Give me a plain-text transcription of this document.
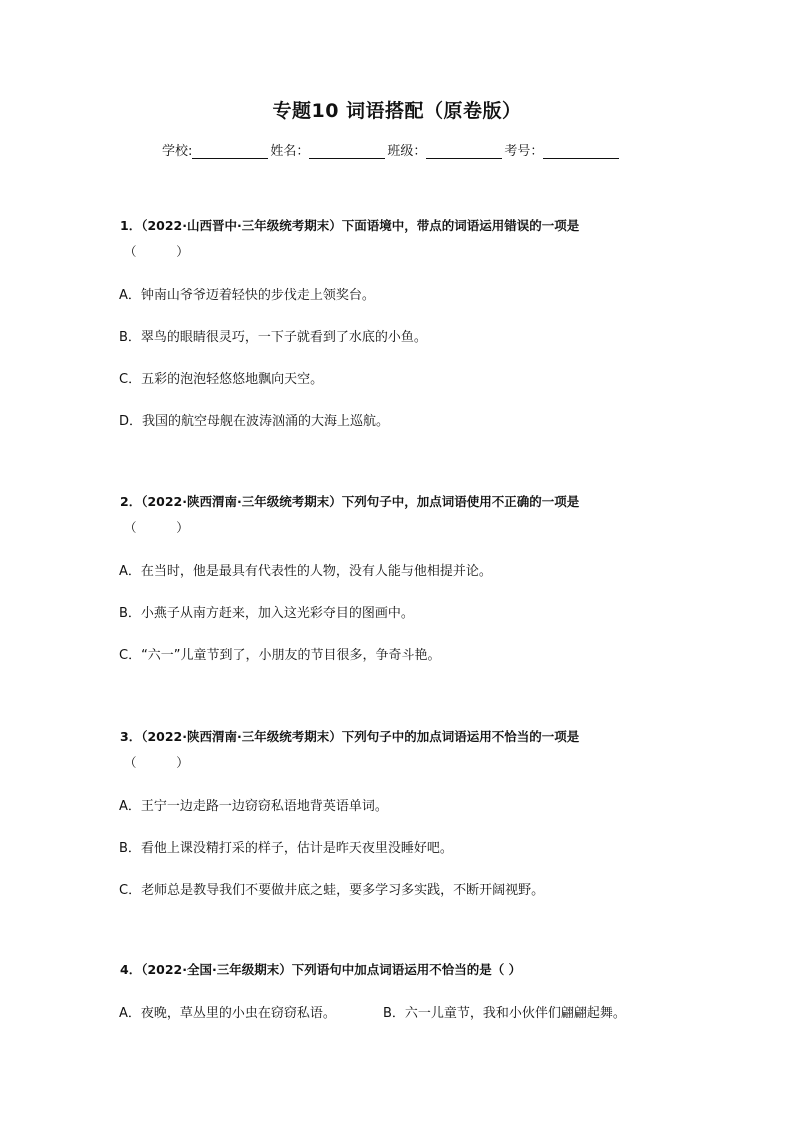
专题10 词语搭配（原卷版）
学校:	姓名：	班级：	考号：
1．（2022·山西晋中·三年级统考期末）下面语境中，带点的词语运用错误的一项是
（          ）
A．钟南山爷爷迈着轻快的步伐走上领奖台。
B．翠鸟的眼睛很灵巧，一下子就看到了水底的小鱼。
C．五彩的泡泡轻悠悠地飘向天空。
D．我国的航空母舰在波涛汹涌的大海上巡航。
2．（2022·陕西渭南·三年级统考期末）下列句子中，加点词语使用不正确的一项是
（          ）
A．在当时，他是最具有代表性的人物，没有人能与他相提并论。
B．小燕子从南方赶来，加入这光彩夺目的图画中。
C．“六一”儿童节到了，小朋友的节目很多，争奇斗艳。
3．（2022·陕西渭南·三年级统考期末）下列句子中的加点词语运用不恰当的一项是
（          ）
A．王宁一边走路一边窃窃私语地背英语单词。
B．看他上课没精打采的样子，估计是昨天夜里没睡好吧。
C．老师总是教导我们不要做井底之蛙，要多学习多实践，不断开阔视野。
4．（2022·全国·三年级期末）下列语句中加点词语运用不恰当的是（ ）
A．夜晚，草丛里的小虫在窃窃私语。	B．六一儿童节，我和小伙伴们翩翩起舞。
